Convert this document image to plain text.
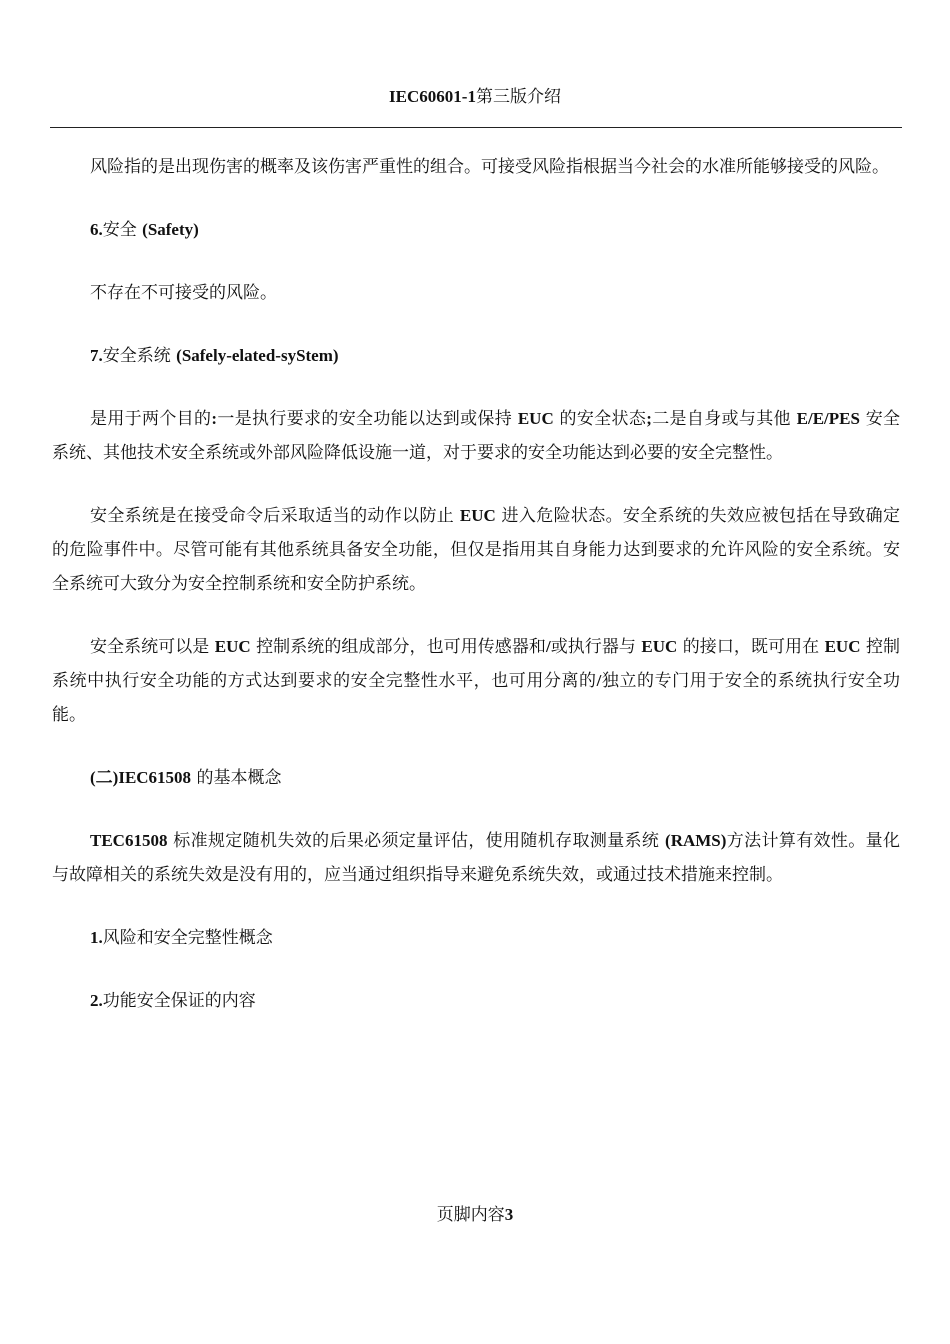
IEC60601-1第三版介绍

风险指的是出现伤害的概率及该伤害严重性的组合。可接受风险指根据当今社会的水准所能够接受的风险。

6.安全 (Safety)

不存在不可接受的风险。

7.安全系统 (Safely-elated-syStem)

是用于两个目的:一是执行要求的安全功能以达到或保持 EUC 的安全状态;二是自身或与其他 E/E/PES 安全系统、其他技术安全系统或外部风险降低设施一道，对于要求的安全功能达到必要的安全完整性。

安全系统是在接受命令后采取适当的动作以防止 EUC 进入危险状态。安全系统的失效应被包括在导致确定的危险事件中。尽管可能有其他系统具备安全功能，但仅是指用其自身能力达到要求的允许风险的安全系统。安全系统可大致分为安全控制系统和安全防护系统。

安全系统可以是 EUC 控制系统的组成部分，也可用传感器和/或执行器与 EUC 的接口，既可用在 EUC 控制系统中执行安全功能的方式达到要求的安全完整性水平，也可用分离的/独立的专门用于安全的系统执行安全功能。

(二)IEC61508 的基本概念

TEC61508 标准规定随机失效的后果必须定量评估，使用随机存取测量系统 (RAMS)方法计算有效性。量化与故障相关的系统失效是没有用的，应当通过组织指导来避免系统失效，或通过技术措施来控制。

1.风险和安全完整性概念

2.功能安全保证的内容

页脚内容3
